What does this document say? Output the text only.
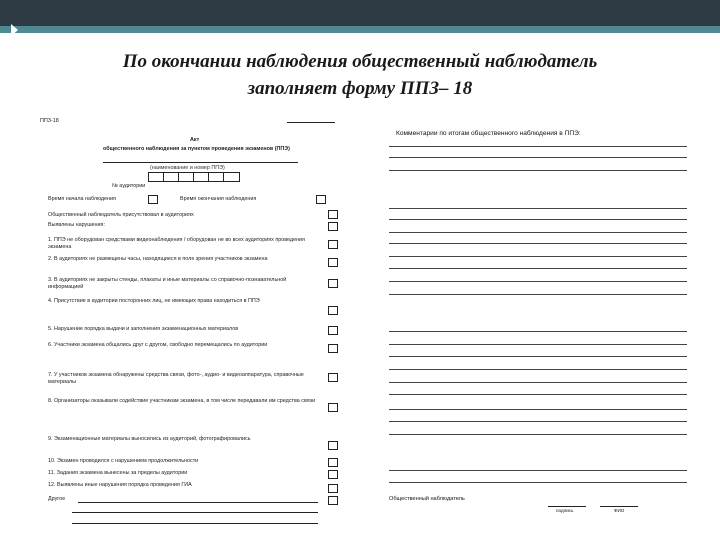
По окончании наблюдения общественный наблюдатель
заполняет форму ППЗ– 18
ППЗ-18
Акт
общественного наблюдения за пунктом проведения экзаменов (ППЭ)
(наименование и номер ППЭ)
№ аудитории
Время начала наблюдения	Время окончания наблюдения
Общественный наблюдатель присутствовал в аудиториях
Выявлены нарушения:
1. ППЭ не оборудован средствами видеонаблюдения / оборудован не во всех аудиториях проведения экзамена
2. В аудиториях не размещены часы, находящиеся в поле зрения участников экзамена
3. В аудиториях не закрыты стенды, плакаты и иные материалы со справочно-познавательной информацией
4. Присутствие в аудитории посторонних лиц, не имеющих права находиться в ППЭ
5. Нарушение порядка выдачи и заполнения экзаменационных материалов
6. Участники экзамена общались друг с другом, свободно перемещались по аудитории
7. У участников экзамена обнаружены средства связи, фото-, аудио- и видеоаппаратура, справочные материалы
8. Организаторы оказывали содействие участникам экзамена, в том числе передавали им средства связи
9. Экзаменационные материалы выносились из аудиторий, фотографировались
10. Экзамен проводился с нарушением продолжительности
11. Задания экзамена вынесены за пределы аудитории
12. Выявлены иные нарушения порядка проведения ГИА
Другое
Комментарии по итогам общественного наблюдения в ППЭ:
Общественный наблюдатель
подпись	ФИО
